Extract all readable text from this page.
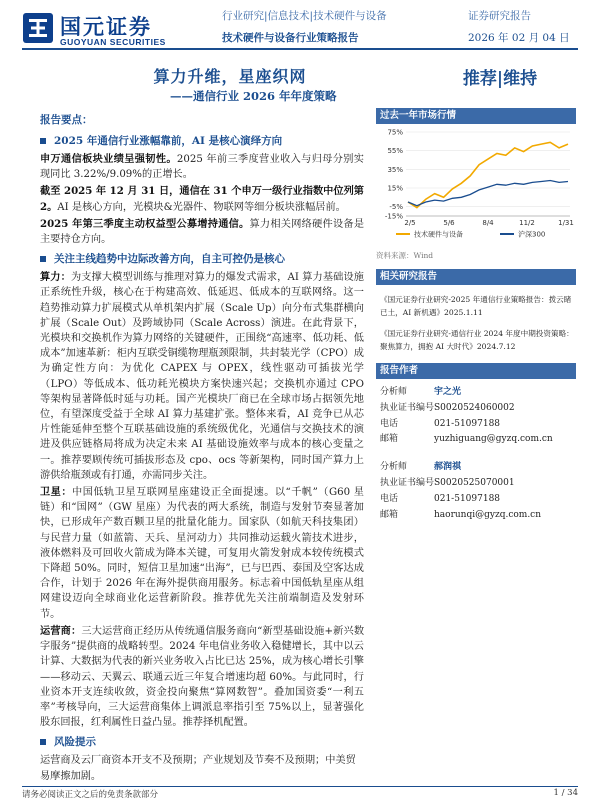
国元证券
GUOYUAN SECURITIES
行业研究|信息技术|技术硬件与设备	证券研究报告
技术硬件与设备行业策略报告	2026 年 02 月 04 日
算力升维，星座织网
——通信行业 2026 年年度策略
推荐|维持
报告要点：
2025 年通信行业涨幅靠前，AI 是核心演绎方向

申万通信板块业绩呈强韧性。2025 年前三季度营业收入与归母分别实现同比 3.22%/9.09%的正增长。

截至 2025 年 12 月 31 日，通信在 31 个申万一级行业指数中位列第 2。AI 是核心方向，光模块&光器件、物联网等细分板块涨幅居前。

2025 年第三季度主动权益型公募增持通信。算力相关网络硬件设备是主要持仓方向。

关注主线趋势中边际改善方向，自主可控仍是核心

算力：为支撑大模型训练与推理对算力的爆发式需求，AI 算力基础设施正系统性升级，核心在于构建高效、低延迟、低成本的互联网络。这一趋势推动算力扩展模式从单机架内扩展（Scale Up）向分布式集群横向扩展（Scale Out）及跨域协同（Scale Across）演进。在此背景下，光模块和交换机作为算力网络的关键硬件，正围绕“高速率、低功耗、低成本”加速革新：柜内互联受铜缆物理瓶颈限制，共封装光学（CPO）成为确定性方向：为优化 CAPEX 与 OPEX，线性驱动可插拔光学（LPO）等低成本、低功耗光模块方案快速兴起；交换机亦通过 CPO 等架构显著降低时延与功耗。国产光模块厂商已在全球市场占据领先地位，有望深度受益于全球 AI 算力基建扩张。整体来看，AI 竞争已从芯片性能延伸至整个互联基础设施的系统级优化，光通信与交换技术的演进及供应链格局将成为决定未来 AI 基础设施效率与成本的核心变量之一。推荐要顾传统可插拔形态及 cpo、ocs 等新架构，同时国产算力上游供给瓶颈或有打通，亦需同步关注。

卫星：中国低轨卫星互联网星座建设正全面提速。以“千帆”（G60 星链）和“国网”（GW 星座）为代表的两大系统，制造与发射节奏显著加快，已形成年产数百颗卫星的批量化能力。国家队（如航天科技集团）与民营力量（如蓝箭、天兵、星河动力）共同推动运载火箭技术进步，液体燃料及可回收火箭成为降本关键，可复用火箭发射成本较传统模式下降超 50%。同时，短信卫星加速“出海”，已与巴西、泰国及空客达成合作，计划于 2026 年在海外提供商用服务。标志着中国低轨星座从组网建设迈向全球商业化运营新阶段。推荐优先关注前端制造及发射环节。

运营商：三大运营商正经历从传统通信服务商向“新型基础设施+新兴数字服务”提供商的战略转型。2024 年电信业务收入稳健增长，其中以云计算、大数据为代表的新兴业务收入占比已达 25%，成为核心增长引擎——移动云、天翼云、联通云近三年复合增速均超 60%。与此同时，行业资本开支连续收敛，资金投向聚焦“算网数智”。叠加国资委“一利五率”考核导向，三大运营商集体上调派息率指引至 75%以上，显著强化股东回报，红利属性日益凸显。推荐择机配置。

风险提示

运营商及云厂商资本开支不及预期；产业规划及节奏不及预期；中美贸易摩擦加剧。

过去一年市场行情
75%
55%
35%
15%
-5%
-15%
2/5	5/6	8/4	11/2	1/31
技术硬件与设备	沪深300
资料来源：Wind
相关研究报告
《国元证券行业研究-2025 年通信行业策略报告：拨云睹已土，AI 新机遇》2025.1.11
《国元证券行业研究-通信行业 2024 年度中期投资策略：聚焦算力，拥抱 AI 大时代》2024.7.12
报告作者
分析师	宇之光
执业证书编号 S0020524060002
电话	021-51097188
邮箱	yuzhiguang@gyzq.com.cn
分析师	郝润祺
执业证书编号 S0020525070001
电话	021-51097188
邮箱	haorunqi@gyzq.com.cn
请务必阅读正文之后的免责条款部分	1 / 34
